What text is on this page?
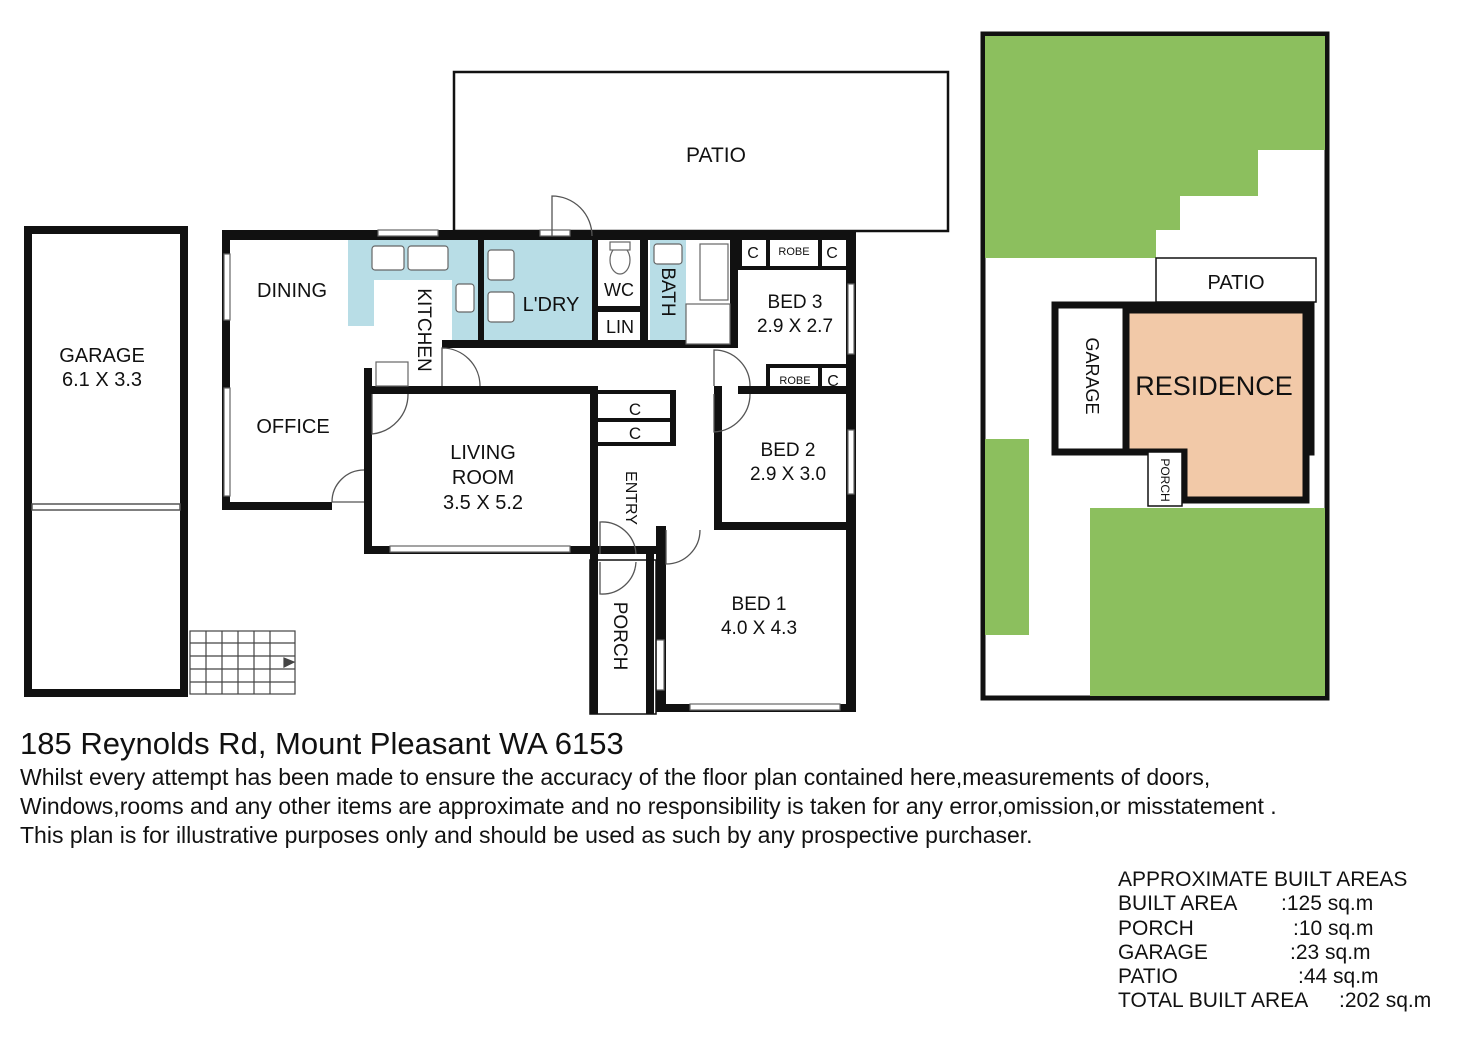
PATIO
GARAGE
6.1 X 3.3
DINING
OFFICE
KITCHEN	L'DRY
WC
LIN
BATH
C ROBE C
BED 3
2.9 X 2.7
ROBE C
C
C
BED 2
2.9 X 3.0
LIVING
ROOM
3.5 X 5.2	ENTRY
BED 1
4.0 X 4.3
PORCH
PATIO
RESIDENCE
GARAGE
PORCH
185 Reynolds Rd, Mount Pleasant WA 6153
Whilst every attempt has been made to ensure the accuracy of the floor plan contained here,measurements of doors,
Windows,rooms and any other items are approximate and no responsibility is taken for any error,omission,or misstatement .
This plan is for illustrative purposes only and should be used as such by any prospective purchaser.
APPROXIMATE BUILT AREAS
BUILT AREA :125 sq.m
PORCH	:10 sq.m
GARAGE	:23 sq.m
PATIO	:44 sq.m
TOTAL BUILT AREA :202 sq.m
